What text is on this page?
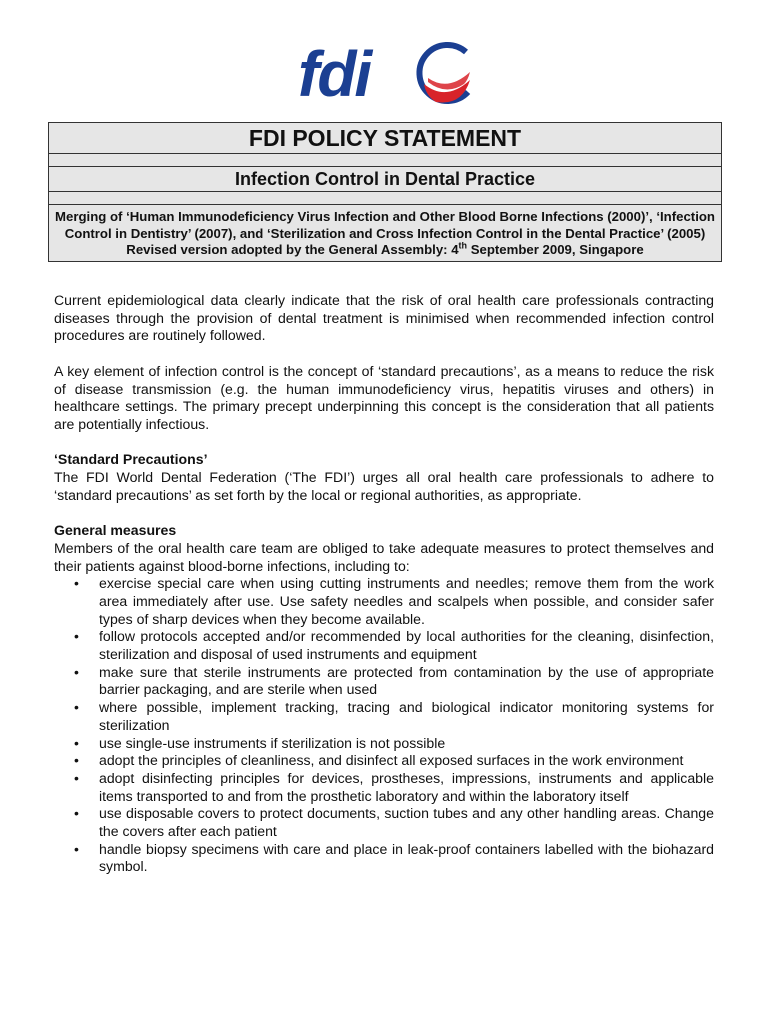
fdi
FDI POLICY STATEMENT

Infection Control in Dental Practice

Merging of ‘Human Immunodeficiency Virus Infection and Other Blood Borne Infections (2000)’, ‘Infection Control in Dentistry’ (2007), and ‘Sterilization and Cross Infection Control in the Dental Practice’ (2005)
Revised version adopted by the General Assembly: 4th September 2009, Singapore

Current epidemiological data clearly indicate that the risk of oral health care professionals contracting diseases through the provision of dental treatment is minimised when recommended infection control procedures are routinely followed.

A key element of infection control is the concept of ‘standard precautions’, as a means to reduce the risk of disease transmission (e.g. the human immunodeficiency virus, hepatitis viruses and others) in healthcare settings. The primary precept underpinning this concept is the consideration that all patients are potentially infectious.

‘Standard Precautions’

The FDI World Dental Federation (‘The FDI’) urges all oral health care professionals to adhere to ‘standard precautions’ as set forth by the local or regional authorities, as appropriate.

General measures

Members of the oral health care team are obliged to take adequate measures to protect themselves and their patients against blood-borne infections, including to:

• exercise special care when using cutting instruments and needles; remove them from the work area immediately after use. Use safety needles and scalpels when possible, and consider safer types of sharp devices when they become available.
• follow protocols accepted and/or recommended by local authorities for the cleaning, disinfection, sterilization and disposal of used instruments and equipment
• make sure that sterile instruments are protected from contamination by the use of appropriate barrier packaging, and are sterile when used
• where possible, implement tracking, tracing and biological indicator monitoring systems for sterilization
• use single-use instruments if sterilization is not possible
• adopt the principles of cleanliness, and disinfect all exposed surfaces in the work environment
• adopt disinfecting principles for devices, prostheses, impressions, instruments and applicable items transported to and from the prosthetic laboratory and within the laboratory itself
• use disposable covers to protect documents, suction tubes and any other handling areas. Change the covers after each patient
• handle biopsy specimens with care and place in leak-proof containers labelled with the biohazard symbol.
